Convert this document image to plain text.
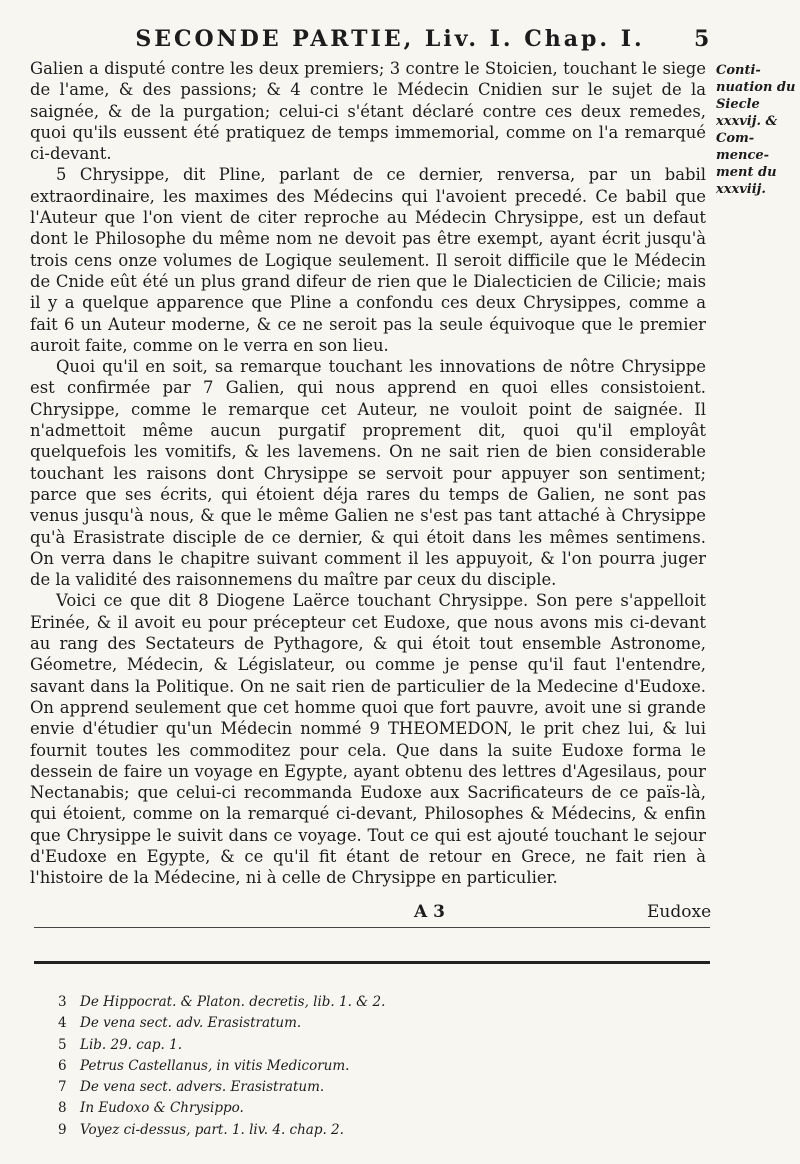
SECONDE PARTIE, Liv. I. Chap. I.	5

Galien a disputé contre les deux premiers; 3 contre le Stoicien, touchant le siege de l'ame, & des passions; & 4 contre le Médecin Cnidien sur le sujet de la saignée, & de la purgation; celui-ci s'étant déclaré contre ces deux remedes, quoi qu'ils eussent été pratiquez de temps immemorial, comme on l'a remarqué ci-devant.

5 Chrysippe, dit Pline, parlant de ce dernier, renversa, par un babil extraordinaire, les maximes des Médecins qui l'avoient precedé. Ce babil que l'Auteur que l'on vient de citer reproche au Médecin Chrysippe, est un defaut dont le Philosophe du même nom ne devoit pas être exempt, ayant écrit jusqu'à trois cens onze volumes de Logique seulement. Il seroit difficile que le Médecin de Cnide eût été un plus grand difeur de rien que le Dialecticien de Cilicie; mais il y a quelque apparence que Pline a confondu ces deux Chrysippes, comme a fait 6 un Auteur moderne, & ce ne seroit pas la seule équivoque que le premier auroit faite, comme on le verra en son lieu.

Quoi qu'il en soit, sa remarque touchant les innovations de nôtre Chrysippe est confirmée par 7 Galien, qui nous apprend en quoi elles consistoient. Chrysippe, comme le remarque cet Auteur, ne vouloit point de saignée. Il n'admettoit même aucun purgatif proprement dit, quoi qu'il employât quelquefois les vomitifs, & les lavemens. On ne sait rien de bien considerable touchant les raisons dont Chrysippe se servoit pour appuyer son sentiment; parce que ses écrits, qui étoient déja rares du temps de Galien, ne sont pas venus jusqu'à nous, & que le même Galien ne s'est pas tant attaché à Chrysippe qu'à Erasistrate disciple de ce dernier, & qui étoit dans les mêmes sentimens. On verra dans le chapitre suivant comment il les appuyoit, & l'on pourra juger de la validité des raisonnemens du maître par ceux du disciple.

Voici ce que dit 8 Diogene Laërce touchant Chrysippe. Son pere s'appelloit Erinée, & il avoit eu pour précepteur cet Eudoxe, que nous avons mis ci-devant au rang des Sectateurs de Pythagore, & qui étoit tout ensemble Astronome, Géometre, Médecin, & Législateur, ou comme je pense qu'il faut l'entendre, savant dans la Politique. On ne sait rien de particulier de la Medecine d'Eudoxe. On apprend seulement que cet homme quoi que fort pauvre, avoit une si grande envie d'étudier qu'un Médecin nommé 9 THEOMEDON, le prit chez lui, & lui fournit toutes les commoditez pour cela. Que dans la suite Eudoxe forma le dessein de faire un voyage en Egypte, ayant obtenu des lettres d'Agesilaus, pour Nectanabis; que celui-ci recommanda Eudoxe aux Sacrificateurs de ce païs-là, qui étoient, comme on la remarqué ci-devant, Philosophes & Médecins, & enfin que Chrysippe le suivit dans ce voyage. Tout ce qui est ajouté touchant le sejour d'Eudoxe en Egypte, & ce qu'il fit étant de retour en Grece, ne fait rien à l'histoire de la Médecine, ni à celle de Chrysippe en particulier.

Conti- nuation du Siecle xxxvij. & Com- mence- ment du xxxviij.
A 3	Eudoxe
3 De Hippocrat. & Platon. decretis, lib. 1. & 2.
4 De vena sect. adv. Erasistratum.
5 Lib. 29. cap. 1.
6 Petrus Castellanus, in vitis Medicorum.
7 De vena sect. advers. Erasistratum.
8 In Eudoxo & Chrysippo.
9 Voyez ci-dessus, part. 1. liv. 4. chap. 2.
